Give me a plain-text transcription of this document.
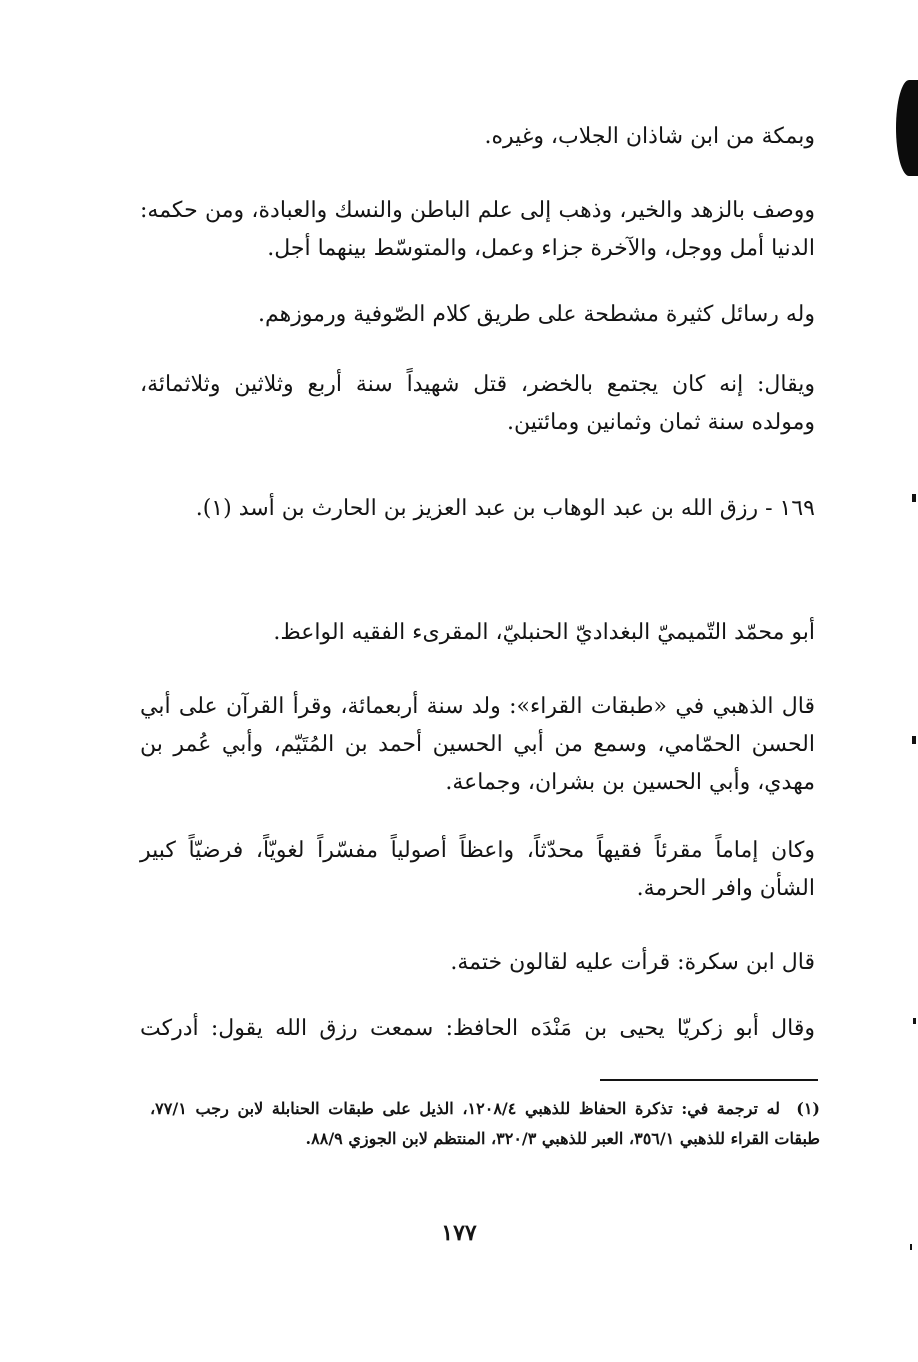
وبمكة من ابن شاذان الجلاب، وغيره.

ووصف بالزهد والخير، وذهب إلى علم الباطن والنسك والعبادة، ومن حكمه: الدنيا أمل ووجل، والآخرة جزاء وعمل، والمتوسّط بينهما أجل.

وله رسائل كثيرة مشطحة على طريق كلام الصّوفية ورموزهم.

ويقال: إنه كان يجتمع بالخضر، قتل شهيداً سنة أربع وثلاثين وثلاثمائة، ومولده سنة ثمان وثمانين ومائتين.

١٦٩ - رزق الله بن عبد الوهاب بن عبد العزيز بن الحارث بن أسد (١).

أبو محمّد التّميميّ البغداديّ الحنبليّ، المقرىء الفقيه الواعظ.

قال الذهبي في «طبقات القراء»: ولد سنة أربعمائة، وقرأ القرآن على أبي الحسن الحمّامي، وسمع من أبي الحسين أحمد بن المُتَيّم، وأبي عُمر بن مهدي، وأبي الحسين بن بشران، وجماعة.

وكان إماماً مقرئاً فقيهاً محدّثاً، واعظاً أصولياً مفسّراً لغويّاً، فرضيّاً كبير الشأن وافر الحرمة.

قال ابن سكرة: قرأت عليه لقالون ختمة.

وقال أبو زكريّا يحيى بن مَنْدَه الحافظ: سمعت رزق الله يقول: أدركت

(١) له ترجمة في: تذكرة الحفاظ للذهبي ١٢٠٨/٤، الذيل على طبقات الحنابلة لابن رجب ٧٧/١، طبقات القراء للذهبي ٣٥٦/١، العبر للذهبي ٣٢٠/٣، المنتظم لابن الجوزي ٨٨/٩.
١٧٧
